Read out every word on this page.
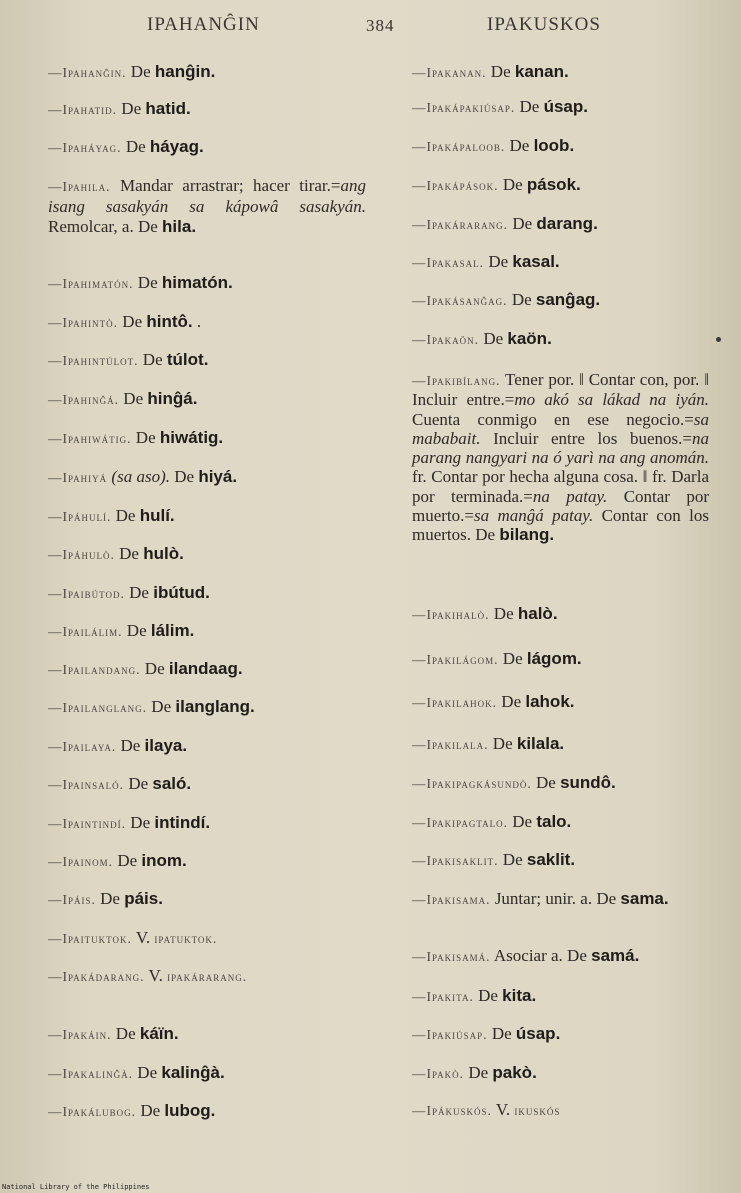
IPAHANĜIN	384	IPAKUSKOS
—Ipahanĝin. De hanĝin.
—Ipahatid. De hatid.
—Ipaháyag. De háyag.
—Ipahila. Mandar arrastrar; hacer tirar.=ang isang sasakyán sa kápowâ sasakyán. Remolcar, a. De hila.
—Ipahimatón. De himatón.
—Ipahintò. De hintô. .
—Ipahintúlot. De túlot.
—Ipahinĝá. De hinĝá.
—Ipahiwátig. De hiwátig.
—Ipahiyá (sa aso). De hiyá.
—Ipáhulí. De hulí.
—Ipáhulò. De hulò.
—Ipaibútod. De ibútud.
—Ipailálim. De lálim.
—Ipailandang. De ilandaag.
—Ipailanglang. De ilanglang.
—Ipailaya. De ilaya.
—Ipainsaló. De saló.
—Ipaintindí. De intindí.
—Ipainom. De inom.
—Ipáis. De páis.
—Ipaituktok. V. ipatuktok.
—Ipakádarang. V. ipakárarang.
—Ipakáin. De káïn.
—Ipakalinĝà. De kalinĝà.
—Ipakálubog. De lubog.
—Ipakanan. De kanan.
—Ipakápakiúsap. De úsap.
—Ipakápaloob. De loob.
—Ipakápások. De pások.
—Ipakárarang. De darang.
—Ipakasal. De kasal.
—Ipakásanĝag. De sanĝag.
—Ipakaön. De kaön.
—Ipakibílang. Tener por. ‖ Contar con, por. ‖ Incluir entre.=mo akó sa lákad na iyán. Cuenta conmigo en ese negocio.=sa mababait. Incluir entre los buenos.=na parang nangyari na ó yarì na ang anomán. fr. Contar por hecha alguna cosa. ‖ fr. Darla por terminada.=na patay. Contar por muerto.=sa manĝá patay. Contar con los muertos. De bilang.
—Ipakihalò. De halò.
—Ipakilágom. De lágom.
—Ipakilahok. De lahok.
—Ipakilala. De kilala.
—Ipakipagkásundò. De sundô.
—Ipakipagtalo. De talo.
—Ipakisaklit. De saklit.
—Ipakisama. Juntar; unir. a. De sama.
—Ipakisamá. Asociar a. De samá.
—Ipakita. De kita.
—Ipakiúsap. De úsap.
—Ipakò. De pakò.
—Ipákuskós. V. ikuskós
National Library of the Philippines
